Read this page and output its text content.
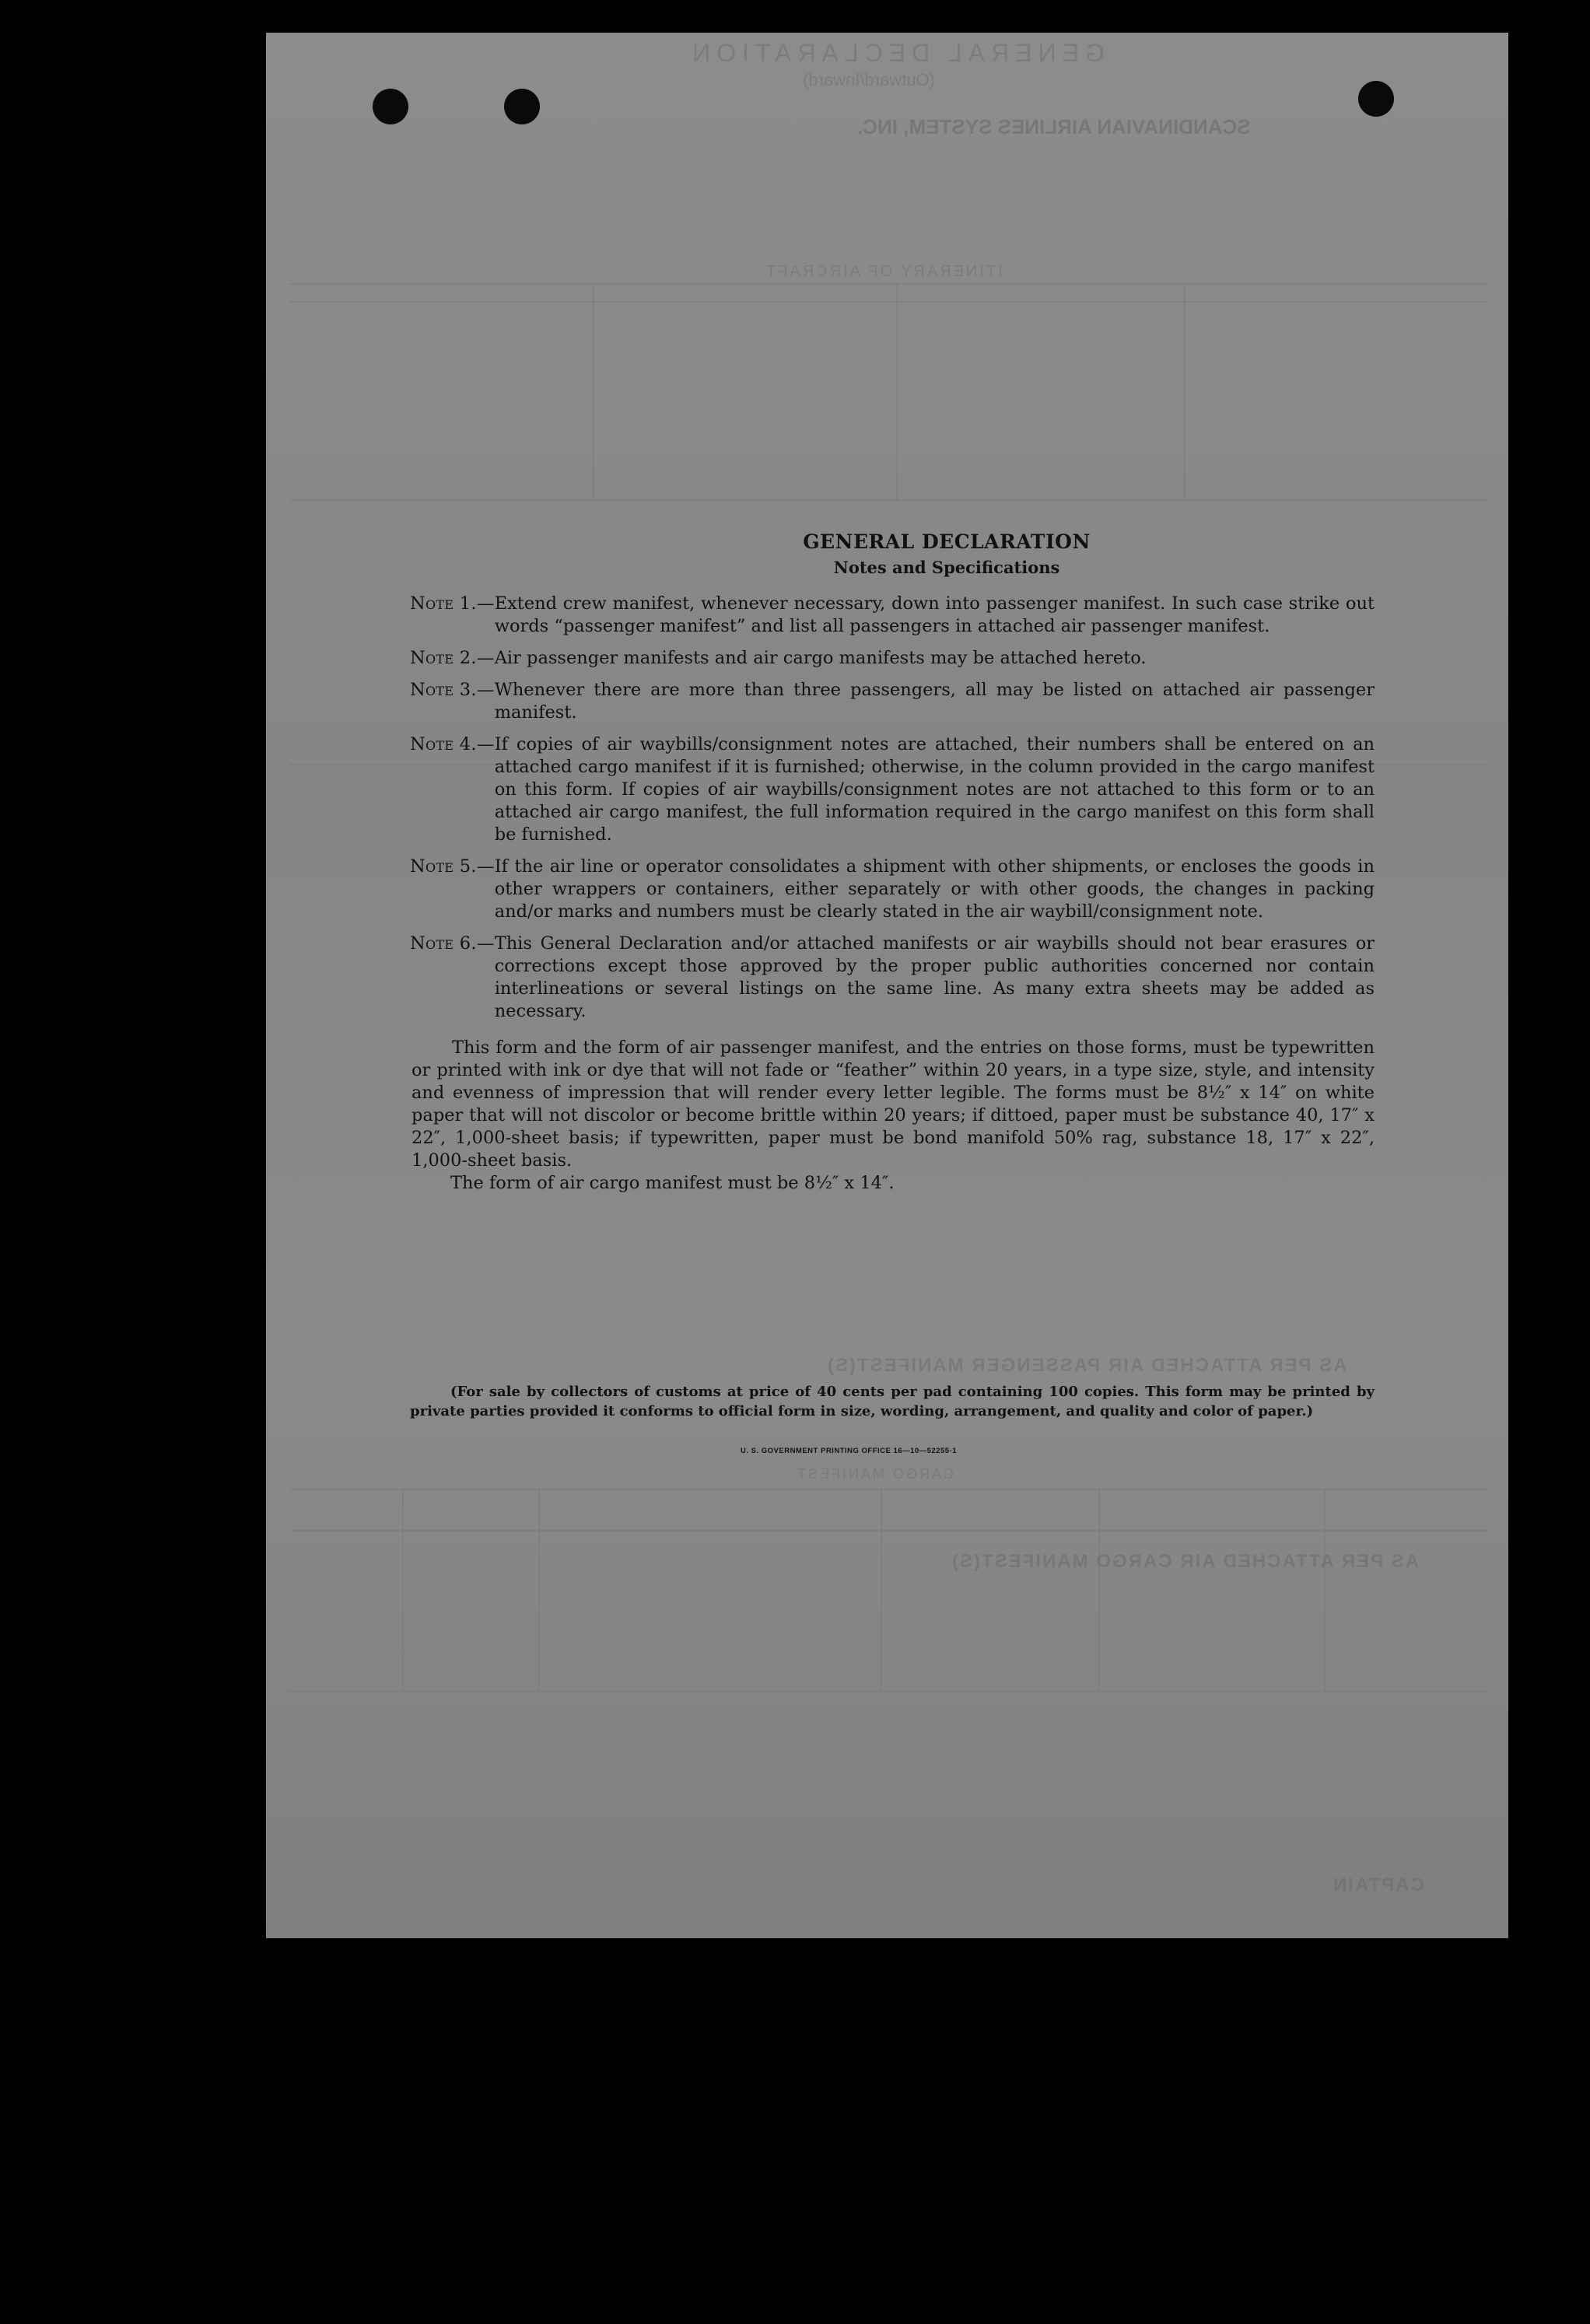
GENERAL DECLARATION
(Outward/Inward)
SCANDINAVIAN AIRLINES SYSTEM, INC.
ITINERARY OF AIRCRAFT
AS PER ATTACHED AIR PASSENGER MANIFEST(S)
CARGO MANIFEST
AS PER ATTACHED AIR CARGO MANIFEST(S)
CAPTAIN
GENERAL DECLARATION
Notes and Specifications
Note 1.— Extend crew manifest, whenever necessary, down into passenger manifest. In such case strike out words “passenger manifest” and list all passengers in attached air passenger manifest.
Note 2.— Air passenger manifests and air cargo manifests may be attached hereto.
Note 3.— Whenever there are more than three passengers, all may be listed on attached air passenger manifest.
Note 4.— If copies of air waybills/consignment notes are attached, their numbers shall be entered on an attached cargo manifest if it is furnished; otherwise, in the column provided in the cargo manifest on this form. If copies of air waybills/consignment notes are not attached to this form or to an attached air cargo manifest, the full information required in the cargo manifest on this form shall be furnished.
Note 5.— If the air line or operator consolidates a shipment with other shipments, or encloses the goods in other wrappers or containers, either separately or with other goods, the changes in packing and/or marks and numbers must be clearly stated in the air waybill/consignment note.
Note 6.— This General Declaration and/or attached manifests or air waybills should not bear erasures or corrections except those approved by the proper public authorities concerned nor contain interlineations or several listings on the same line. As many extra sheets may be added as necessary.

This form and the form of air passenger manifest, and the entries on those forms, must be typewritten or printed with ink or dye that will not fade or “feather” within 20 years, in a type size, style, and intensity and evenness of impression that will render every letter legible. The forms must be 8½″ x 14″ on white paper that will not discolor or become brittle within 20 years; if dittoed, paper must be substance 40, 17″ x 22″, 1,000-sheet basis; if typewritten, paper must be bond manifold 50% rag, substance 18, 17″ x 22″, 1,000-sheet basis.

The form of air cargo manifest must be 8½″ x 14″.

(For sale by collectors of customs at price of 40 cents per pad containing 100 copies. This form may be printed by private parties provided it conforms to official form in size, wording, arrangement, and quality and color of paper.)
U. S. GOVERNMENT PRINTING OFFICE 16—10—52255-1
